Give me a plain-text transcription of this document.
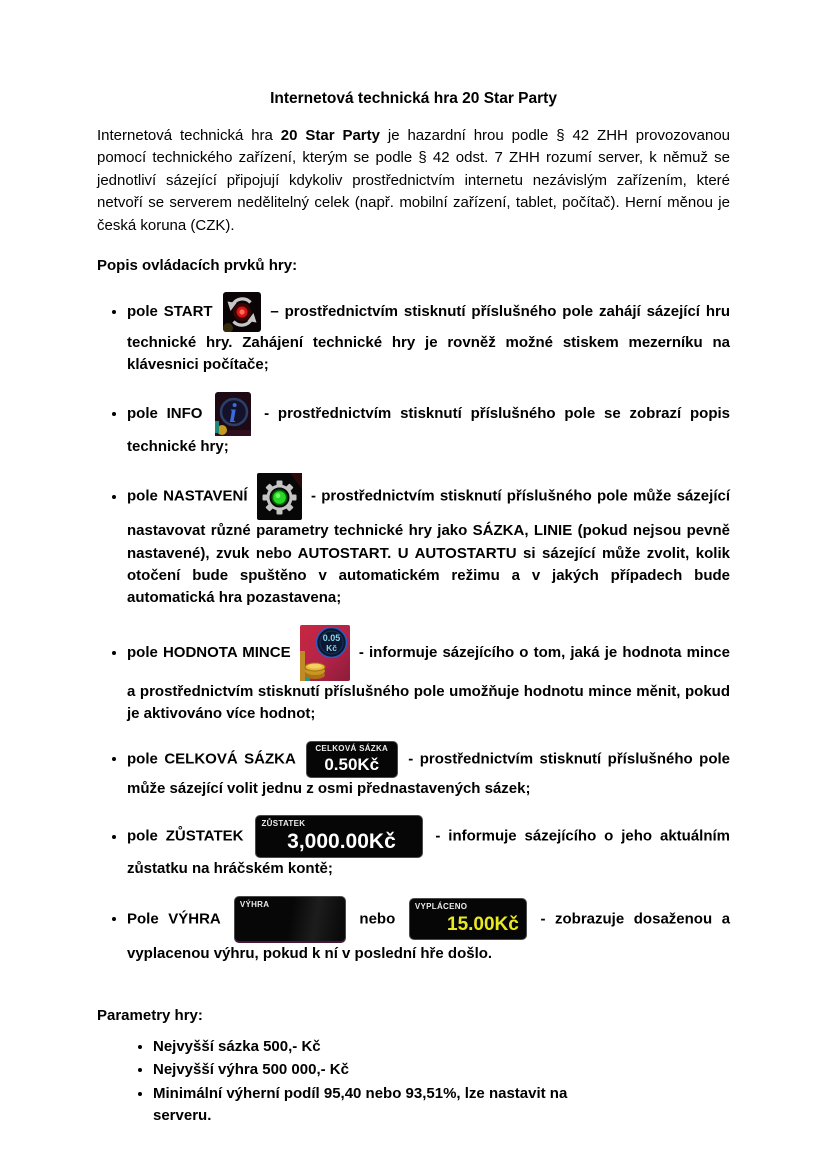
Internetová technická hra 20 Star Party

Internetová technická hra 20 Star Party je hazardní hrou podle § 42 ZHH provozovanou pomocí technického zařízení, kterým se podle § 42 odst. 7 ZHH rozumí server, k němuž se jednotliví sázející připojují kdykoliv prostřednictvím internetu nezávislým zařízením, které netvoří se serverem nedělitelný celek (např. mobilní zařízení, tablet, počítač). Herní měnou je česká koruna (CZK).

Popis ovládacích prvků hry:
• pole START	– prostřednictvím stisknutí příslušného pole zahájí sázející hru technické hry. Zahájení technické hry je rovněž možné stiskem mezerníku na klávesnici počítače;
• pole INFO i - prostřednictvím stisknutí příslušného pole se zobrazí popis technické hry;
• pole NASTAVENÍ	- prostřednictvím stisknutí příslušného pole může sázející nastavovat různé parametry technické hry jako SÁZKA, LINIE (pokud nejsou pevně nastavené), zvuk nebo AUTOSTART. U AUTOSTARTU si sázející může zvolit, kolik otočení bude spuštěno v automatickém režimu a v jakých případech bude automatická hra pozastavena;
• pole HODNOTA MINCE
0.05
Kč - informuje sázejícího o tom, jaká je hodnota mince a prostřednictvím stisknutí příslušného pole umožňuje hodnotu mince měnit, pokud je aktivováno více hodnot;
• pole CELKOVÁ SÁZKA
CELKOVÁ SÁZKA
0.50Kč	- prostřednictvím stisknutí příslušného pole může sázející volit jednu z osmi přednastavených sázek;
• pole ZŮSTATEK
ZŮSTATEK
3,000.00Kč	- informuje sázejícího o jeho aktuálním zůstatku na hráčském kontě;
• Pole VÝHRA
VÝHRA
nebo
VYPLÁCENO
15.00Kč	- zobrazuje dosaženou a vyplacenou výhru, pokud k ní v poslední hře došlo.
Parametry hry:
• Nejvyšší sázka 500,- Kč
• Nejvyšší výhra 500 000,- Kč
• Minimální výherní podíl 95,40 nebo 93,51%, lze nastavit na serveru.
